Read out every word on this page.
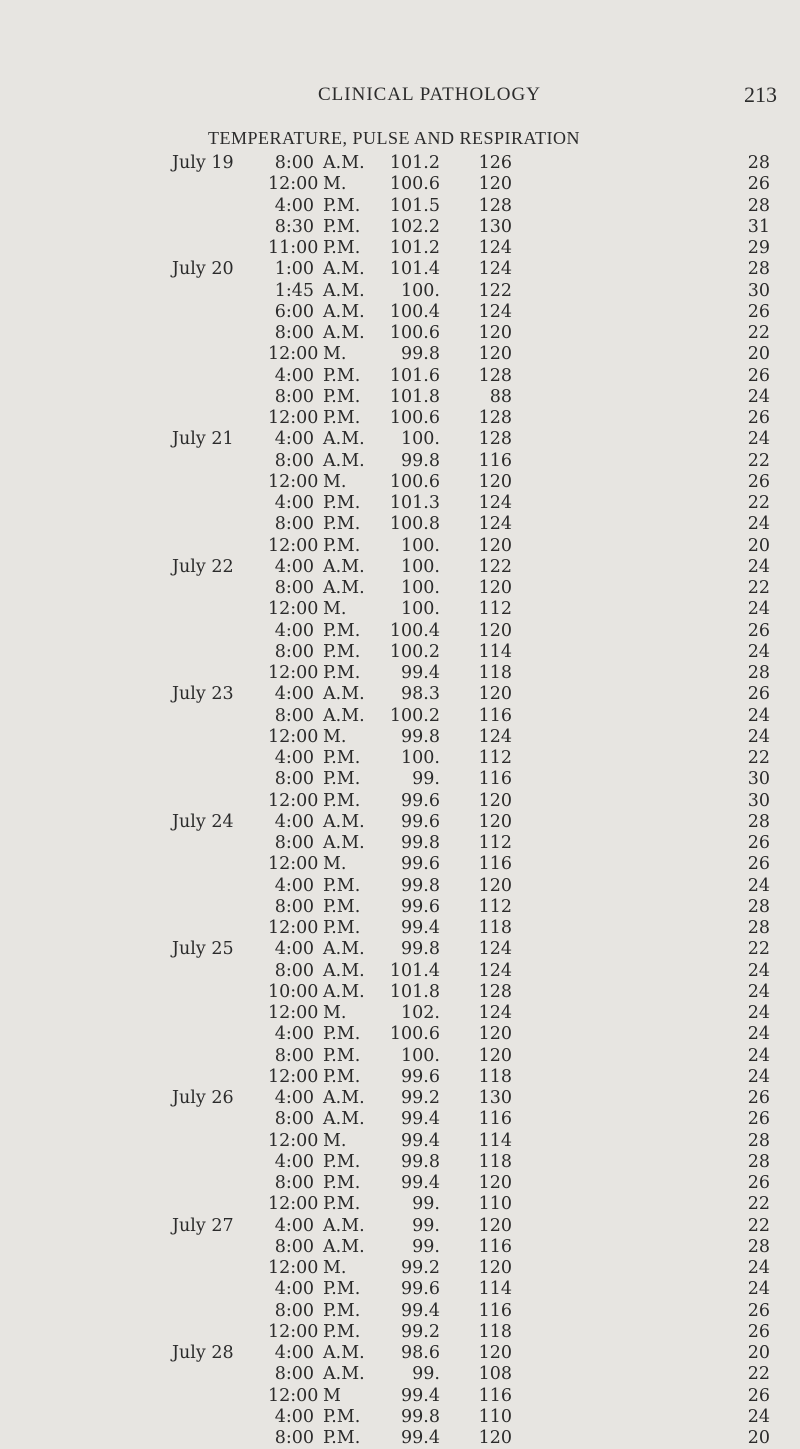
CLINICAL PATHOLOGY	213
TEMPERATURE, PULSE AND RESPIRATION
July 19	8:00 A.M.	101.2	126	28
12:00 M.	100.6	120	26
4:00 P.M.	101.5	128	28
8:30 P.M.	102.2	130	31
11:00 P.M.	101.2	124	29
July 20	1:00 A.M.	101.4	124	28
1:45 A.M.	100.	122	30
6:00 A.M.	100.4	124	26
8:00 A.M.	100.6	120	22
12:00 M.	99.8	120	20
4:00 P.M.	101.6	128	26
8:00 P.M.	101.8	88	24
12:00 P.M.	100.6	128	26
July 21	4:00 A.M.	100.	128	24
8:00 A.M.	99.8	116	22
12:00 M.	100.6	120	26
4:00 P.M.	101.3	124	22
8:00 P.M.	100.8	124	24
12:00 P.M.	100.	120	20
July 22	4:00 A.M.	100.	122	24
8:00 A.M.	100.	120	22
12:00 M.	100.	112	24
4:00 P.M.	100.4	120	26
8:00 P.M.	100.2	114	24
12:00 P.M.	99.4	118	28
July 23	4:00 A.M.	98.3	120	26
8:00 A.M.	100.2	116	24
12:00 M.	99.8	124	24
4:00 P.M.	100.	112	22
8:00 P.M.	99.	116	30
12:00 P.M.	99.6	120	30
July 24	4:00 A.M.	99.6	120	28
8:00 A.M.	99.8	112	26
12:00 M.	99.6	116	26
4:00 P.M.	99.8	120	24
8:00 P.M.	99.6	112	28
12:00 P.M.	99.4	118	28
July 25	4:00 A.M.	99.8	124	22
8:00 A.M.	101.4	124	24
10:00 A.M.	101.8	128	24
12:00 M.	102.	124	24
4:00 P.M.	100.6	120	24
8:00 P.M.	100.	120	24
12:00 P.M.	99.6	118	24
July 26	4:00 A.M.	99.2	130	26
8:00 A.M.	99.4	116	26
12:00 M.	99.4	114	28
4:00 P.M.	99.8	118	28
8:00 P.M.	99.4	120	26
12:00 P.M.	99.	110	22
July 27	4:00 A.M.	99.	120	22
8:00 A.M.	99.	116	28
12:00 M.	99.2	120	24
4:00 P.M.	99.6	114	24
8:00 P.M.	99.4	116	26
12:00 P.M.	99.2	118	26
July 28	4:00 A.M.	98.6	120	20
8:00 A.M.	99.	108	22
12:00 M	99.4	116	26
4:00 P.M.	99.8	110	24
8:00 P.M.	99.4	120	20
